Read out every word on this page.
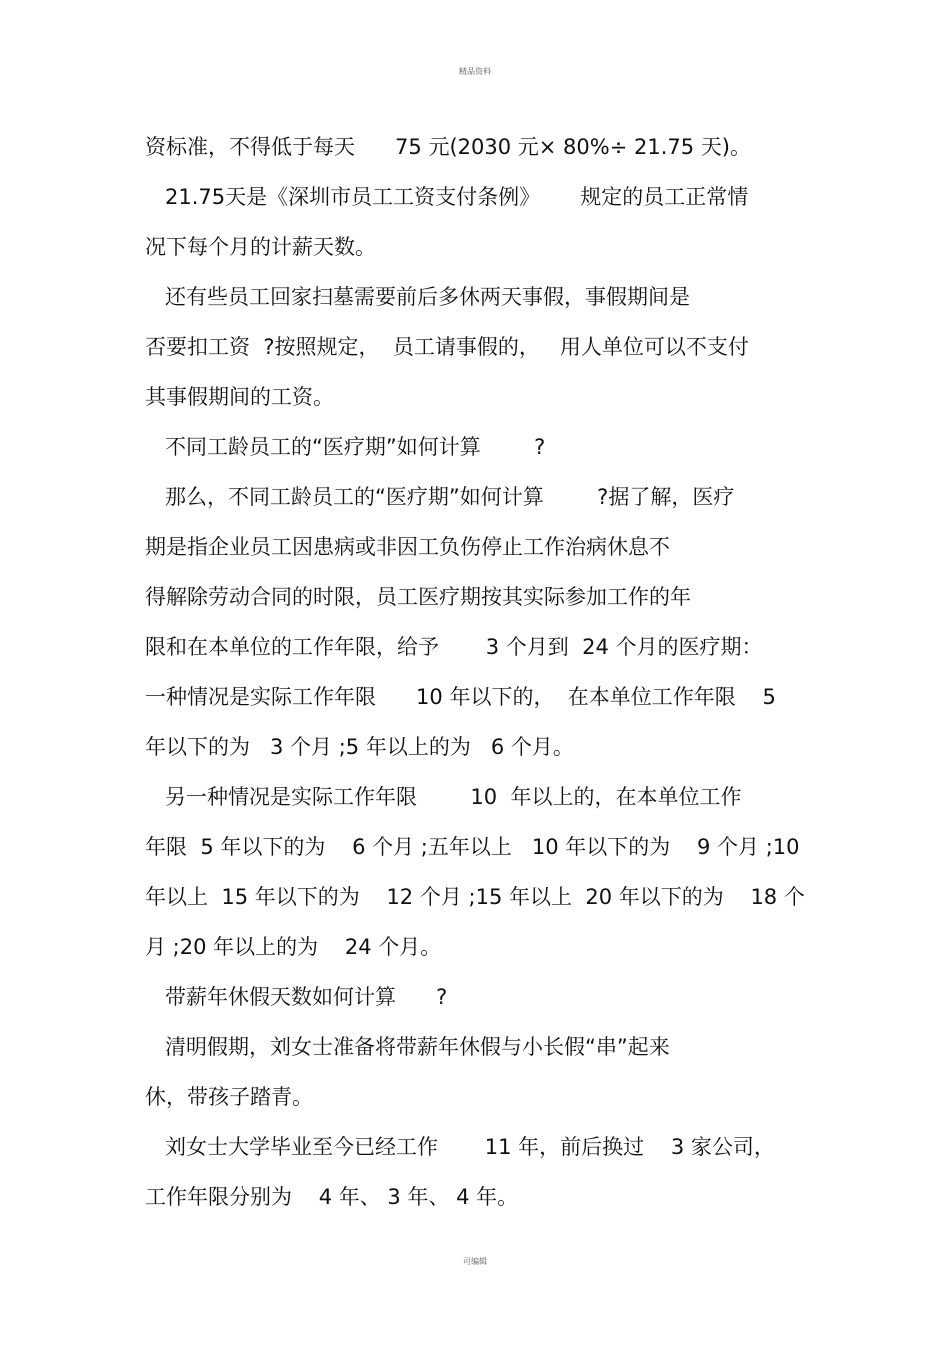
精品资料
资标准，不得低于每天      75 元(2030 元× 80%÷ 21.75 天)。
21.75天是《深圳市员工工资支付条例》      规定的员工正常情
况下每个月的计薪天数。
还有些员工回家扫墓需要前后多休两天事假，事假期间是
否要扣工资  ?按照规定，  员工请事假的，   用人单位可以不支付
其事假期间的工资。
不同工龄员工的“医疗期”如何计算        ?
那么，不同工龄员工的“医疗期”如何计算        ?据了解，医疗
期是指企业员工因患病或非因工负伤停止工作治病休息不
得解除劳动合同的时限，员工医疗期按其实际参加工作的年
限和在本单位的工作年限，给予       3 个月到  24 个月的医疗期：
一种情况是实际工作年限      10 年以下的，  在本单位工作年限    5
年以下的为   3 个月 ;5 年以上的为   6 个月。
另一种情况是实际工作年限        10  年以上的，在本单位工作
年限  5 年以下的为    6 个月 ;五年以上   10 年以下的为    9 个月 ;10
年以上  15 年以下的为    12 个月 ;15 年以上  20 年以下的为    18 个
月 ;20 年以上的为    24 个月。
带薪年休假天数如何计算      ?
清明假期，刘女士准备将带薪年休假与小长假“串”起来
休，带孩子踏青。
刘女士大学毕业至今已经工作       11 年，前后换过    3 家公司，
工作年限分别为    4 年、 3 年、 4 年。
可编辑
